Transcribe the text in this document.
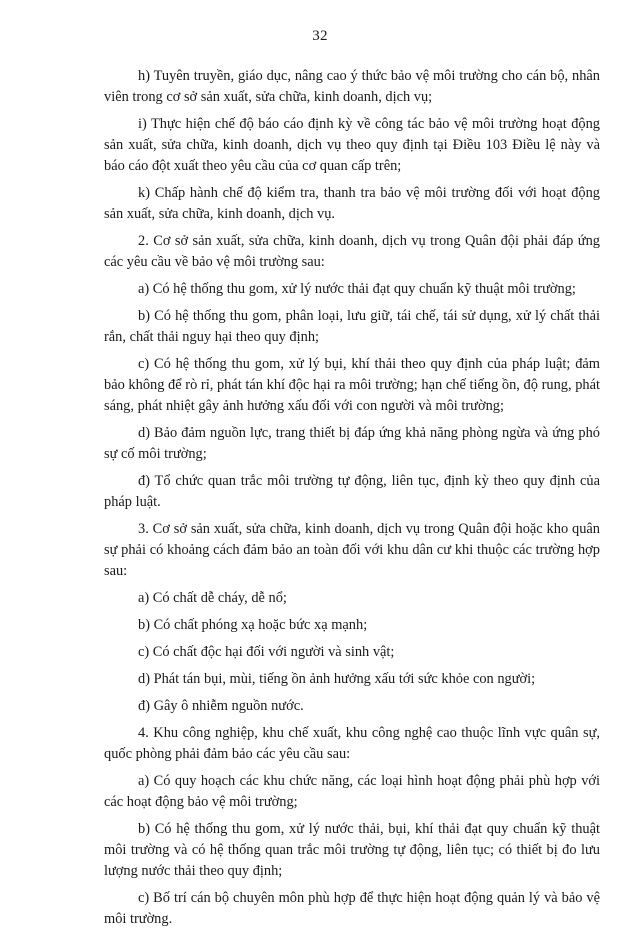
32

h) Tuyên truyền, giáo dục, nâng cao ý thức bảo vệ môi trường cho cán bộ, nhân viên trong cơ sở sản xuất, sửa chữa, kinh doanh, dịch vụ;

i) Thực hiện chế độ báo cáo định kỳ về công tác bảo vệ môi trường hoạt động sản xuất, sửa chữa, kinh doanh, dịch vụ theo quy định tại Điều 103 Điều lệ này và báo cáo đột xuất theo yêu cầu của cơ quan cấp trên;

k) Chấp hành chế độ kiểm tra, thanh tra bảo vệ môi trường đối với hoạt động sản xuất, sửa chữa, kinh doanh, dịch vụ.

2. Cơ sở sản xuất, sửa chữa, kinh doanh, dịch vụ trong Quân đội phải đáp ứng các yêu cầu về bảo vệ môi trường sau:

a) Có hệ thống thu gom, xử lý nước thải đạt quy chuẩn kỹ thuật môi trường;

b) Có hệ thống thu gom, phân loại, lưu giữ, tái chế, tái sử dụng, xử lý chất thải rắn, chất thải nguy hại theo quy định;

c) Có hệ thống thu gom, xử lý bụi, khí thải theo quy định của pháp luật; đảm bảo không để rò rỉ, phát tán khí độc hại ra môi trường; hạn chế tiếng ồn, độ rung, phát sáng, phát nhiệt gây ảnh hưởng xấu đối với con người và môi trường;

d) Bảo đảm nguồn lực, trang thiết bị đáp ứng khả năng phòng ngừa và ứng phó sự cố môi trường;

đ) Tổ chức quan trắc môi trường tự động, liên tục, định kỳ theo quy định của pháp luật.

3. Cơ sở sản xuất, sửa chữa, kinh doanh, dịch vụ trong Quân đội hoặc kho quân sự phải có khoảng cách đảm bảo an toàn đối với khu dân cư khi thuộc các trường hợp sau:

a) Có chất dễ cháy, dễ nổ;

b) Có chất phóng xạ hoặc bức xạ mạnh;

c) Có chất độc hại đối với người và sinh vật;

d) Phát tán bụi, mùi, tiếng ồn ảnh hưởng xấu tới sức khỏe con người;

đ) Gây ô nhiễm nguồn nước.

4. Khu công nghiệp, khu chế xuất, khu công nghệ cao thuộc lĩnh vực quân sự, quốc phòng phải đảm bảo các yêu cầu sau:

a) Có quy hoạch các khu chức năng, các loại hình hoạt động phải phù hợp với các hoạt động bảo vệ môi trường;

b) Có hệ thống thu gom, xử lý nước thải, bụi, khí thải đạt quy chuẩn kỹ thuật môi trường và có hệ thống quan trắc môi trường tự động, liên tục; có thiết bị đo lưu lượng nước thải theo quy định;

c) Bố trí cán bộ chuyên môn phù hợp để thực hiện hoạt động quản lý và bảo vệ môi trường.
